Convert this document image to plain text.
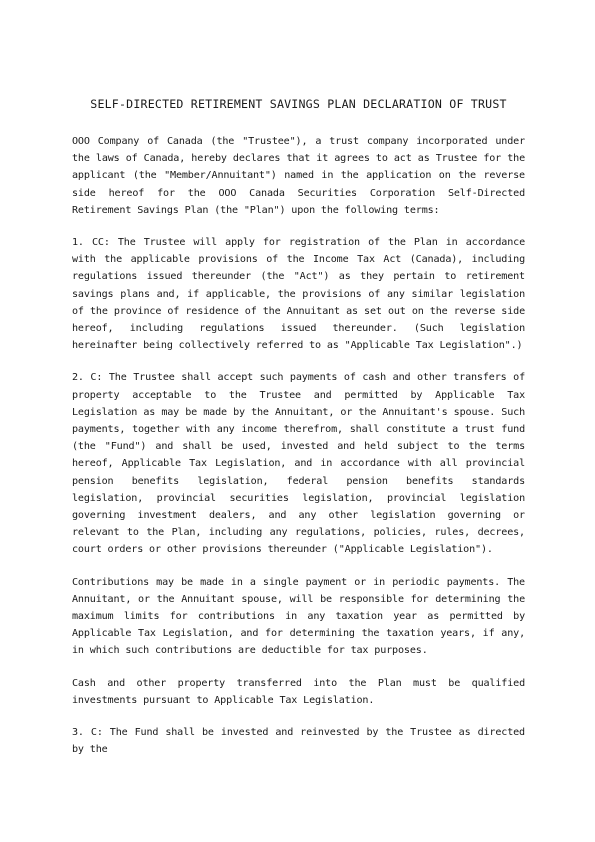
SELF-DIRECTED RETIREMENT SAVINGS PLAN DECLARATION OF TRUST

OOO Company of Canada (the "Trustee"), a trust company incorporated under the laws of Canada, hereby declares that it agrees to act as Trustee for the applicant (the "Member/Annuitant") named in the application on the reverse side hereof for the OOO Canada Securities Corporation Self-Directed Retirement Savings Plan (the "Plan") upon the following terms:

1. CC: The Trustee will apply for registration of the Plan in accordance with the applicable provisions of the Income Tax Act (Canada), including regulations issued thereunder (the "Act") as they pertain to retirement savings plans and, if applicable, the provisions of any similar legislation of the province of residence of the Annuitant as set out on the reverse side hereof, including regulations issued thereunder. (Such legislation hereinafter being collectively referred to as "Applicable Tax Legislation".)

2. C: The Trustee shall accept such payments of cash and other transfers of property acceptable to the Trustee and permitted by Applicable Tax Legislation as may be made by the Annuitant, or the Annuitant's spouse. Such payments, together with any income therefrom, shall constitute a trust fund (the "Fund") and shall be used, invested and held subject to the terms hereof, Applicable Tax Legislation, and in accordance with all provincial pension benefits legislation, federal pension benefits standards legislation, provincial securities legislation, provincial legislation governing investment dealers, and any other legislation governing or relevant to the Plan, including any regulations, policies, rules, decrees, court orders or other provisions thereunder ("Applicable Legislation").

Contributions may be made in a single payment or in periodic payments. The Annuitant, or the Annuitant spouse, will be responsible for determining the maximum limits for contributions in any taxation year as permitted by Applicable Tax Legislation, and for determining the taxation years, if any, in which such contributions are deductible for tax purposes.

Cash and other property transferred into the Plan must be qualified investments pursuant to Applicable Tax Legislation.

3. C: The Fund shall be invested and reinvested by the Trustee as directed by the
